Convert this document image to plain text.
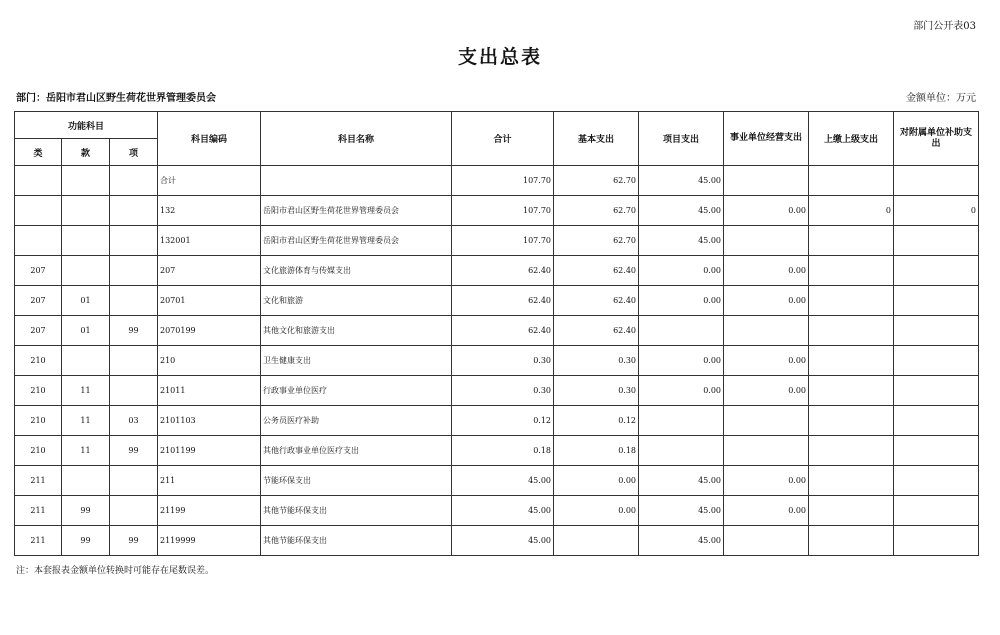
部门公开表03
支出总表
部门：岳阳市君山区野生荷花世界管理委员会	金额单位：万元
功能科目			科目编码	科目名称	合计	基本支出	项目支出	事业单位经营支出	上缴上级支出	对附属单位补助支出
类	款	项								
			合计		107.70	62.70	45.00			
			132	岳阳市君山区野生荷花世界管理委员会	107.70	62.70	45.00	0.00	0	0
			132001	岳阳市君山区野生荷花世界管理委员会	107.70	62.70	45.00			
207			207	文化旅游体育与传媒支出	62.40	62.40	0.00	0.00		
207	01		20701	文化和旅游	62.40	62.40	0.00	0.00		
207	01	99	2070199	其他文化和旅游支出	62.40	62.40				
210			210	卫生健康支出	0.30	0.30	0.00	0.00		
210	11		21011	行政事业单位医疗	0.30	0.30	0.00	0.00		
210	11	03	2101103	公务员医疗补助	0.12	0.12				
210	11	99	2101199	其他行政事业单位医疗支出	0.18	0.18				
211			211	节能环保支出	45.00	0.00	45.00	0.00		
211	99		21199	其他节能环保支出	45.00	0.00	45.00	0.00		
211	99	99	2119999	其他节能环保支出	45.00		45.00			
注：本套报表金额单位转换时可能存在尾数误差。
